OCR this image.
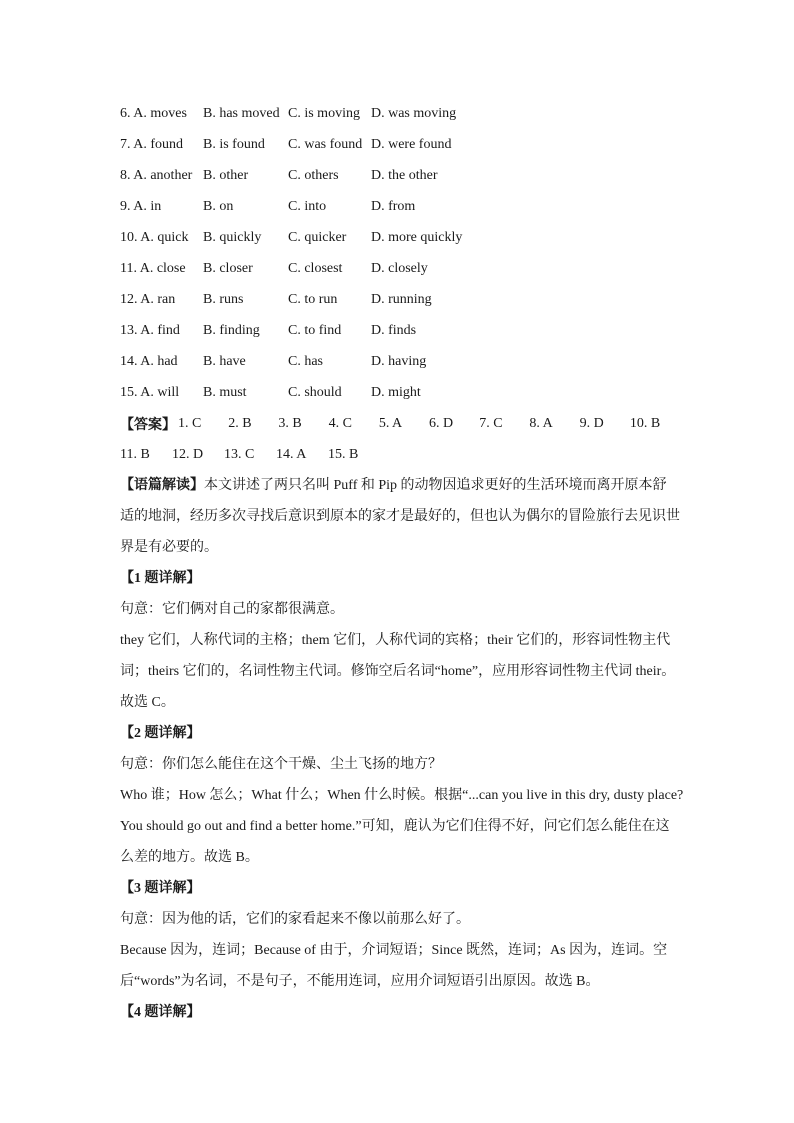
6. A. moves	B. has moved C. is moving D. was moving
7. A. found	B. is found	C. was found D. were found
8. A. another B. other	C. others	D. the other
9. A. in	B. on	C. into	D. from
10. A. quick	B. quickly	C. quicker	D. more quickly
11. A. close	B. closer	C. closest	D. closely
12. A. ran	B. runs	C. to run	D. running
13. A. find	B. finding	C. to find	D. finds
14. A. had	B. have	C. has	D. having
15. A. will	B. must	C. should	D. might
【答案】 1. C	2. B	3. B	4. C	5. A	6. D	7. C	8. A	9. D	10. B
11. B	12. D	13. C	14. A	15. B
【语篇解读】本文讲述了两只名叫 Puff 和 Pip 的动物因追求更好的生活环境而离开原本舒
适的地洞，经历多次寻找后意识到原本的家才是最好的，但也认为偶尔的冒险旅行去见识世
界是有必要的。
【1 题详解】
句意：它们俩对自己的家都很满意。
they 它们，人称代词的主格；them 它们，人称代词的宾格；their 它们的，形容词性物主代
词；theirs 它们的，名词性物主代词。修饰空后名词“home”，应用形容词性物主代词 their。
故选 C。
【2 题详解】
句意：你们怎么能住在这个干燥、尘土飞扬的地方？
Who 谁；How 怎么；What 什么；When 什么时候。根据“...can you live in this dry, dusty place?
You should go out and find a better home.”可知，鹿认为它们住得不好，问它们怎么能住在这
么差的地方。故选 B。
【3 题详解】
句意：因为他的话，它们的家看起来不像以前那么好了。
Because 因为，连词；Because of 由于，介词短语；Since 既然，连词；As 因为，连词。空
后“words”为名词，不是句子，不能用连词，应用介词短语引出原因。故选 B。
【4 题详解】
